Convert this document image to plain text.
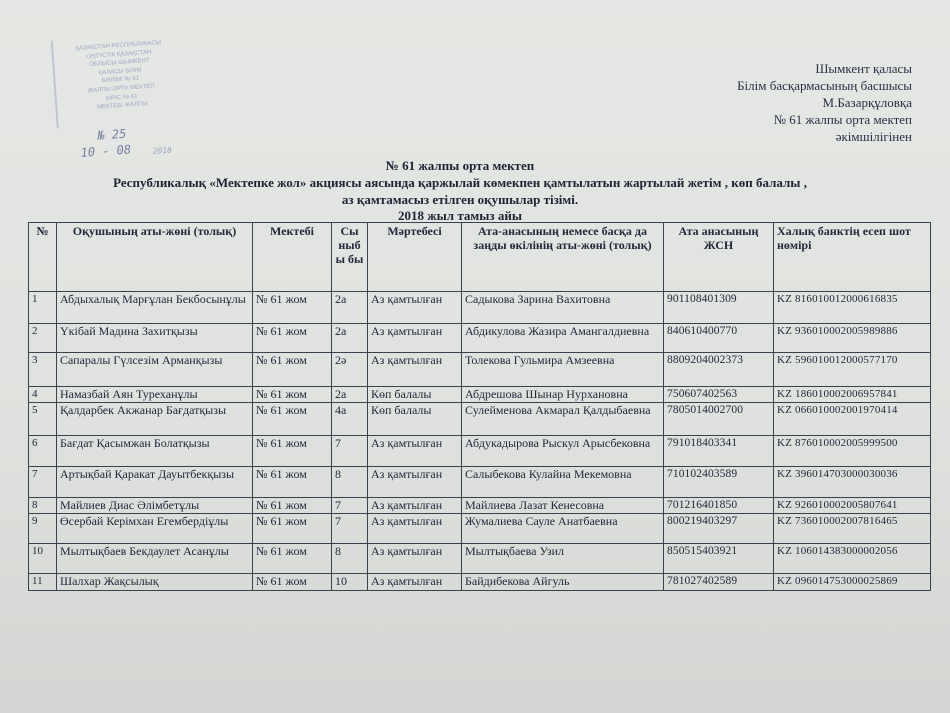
ҚАЗАҚСТАН РЕСПУБЛИКАСЫ
ОҢТҮСТІК ҚАЗАҚСТАН
ОБЛЫСЫ ШЫМКЕНТ
ҚАЛАСЫ БІЛІМ
БӨЛІМІ № 61
ЖАЛПЫ ОРТА МЕКТЕП
КІРІС № 61
МЕКТЕБІ ЖАЛПЫ
№ 25
10 - 08	2018
Шымкент қаласы
Білім басқармасының басшысы
М.Базарқұловқа
№ 61 жалпы орта мектеп
әкімшілігінен
№ 61 жалпы орта мектеп
Республикалық «Мектепке жол» акциясы аясында қаржылай көмекпен қамтылатын жартылай жетім , көп балалы ,
аз қамтамасыз етілген оқушылар тізімі.
2018 жыл тамыз айы
№	Оқушының аты-жөні (толық)	Мектебі	Сы ныб ы бы	Мәртебесі	Ата-анасының немесе басқа да заңды өкілінің аты-жөні (толық)	Ата анасының ЖСН	Халық банктің есеп шот нөмірі
1	Абдыхалық Марғұлан Бекбосынұлы	№ 61 жом	2а	Аз қамтылған	Садыкова Зарина Вахитовна	901108401309	KZ 816010012000616835
2	Үкібай Мадина Захитқызы	№ 61 жом	2а	Аз қамтылған	Абдикулова Жазира Амангалдиевна	840610400770	KZ 936010002005989886
3	Сапаралы Гүлсезім Арманқызы	№ 61 жом	2ә	Аз қамтылған	Толекова Гульмира Амзеевна	8809204002373	KZ 596010012000577170
4	Намазбай Аян Туреханұлы	№ 61 жом	2а	Көп балалы	Абдрешова Шынар Нурхановна	750607402563	KZ 186010002006957841
5	Қалдарбек Акжанар Бағдатқызы	№ 61 жом	4а	Көп балалы	Сулейменова Акмарал Қалдыбаевна	7805014002700	KZ 066010002001970414
6	Бағдат Қасымжан Болатқызы	№ 61 жом	7	Аз қамтылған	Абдукадырова Рыскул Арысбековна	791018403341	KZ 876010002005999500
7	Артықбай Қаракат Дауытбекқызы	№ 61 жом	8	Аз қамтылған	Салыбекова Кулайна Мекемовна	710102403589	KZ 396014703000030036
8	Майлиев Диас Әлімбетұлы	№ 61 жом	7	Аз қамтылған	Майлиева Лазат Кенесовна	701216401850	KZ 926010002005807641
9	Өсербай Керімхан Егембердіұлы	№ 61 жом	7	Аз қамтылған	Жумалиева Сауле Анатбаевна	800219403297	KZ 736010002007816465
10	Мылтықбаев Бекдаулет Асанұлы	№ 61 жом	8	Аз қамтылған	Мылтықбаева Узил	850515403921	KZ 106014383000002056
11	Шалхар Жақсылық	№ 61 жом	10	Аз қамтылған	Байдибекова Айгуль	781027402589	KZ 096014753000025869
